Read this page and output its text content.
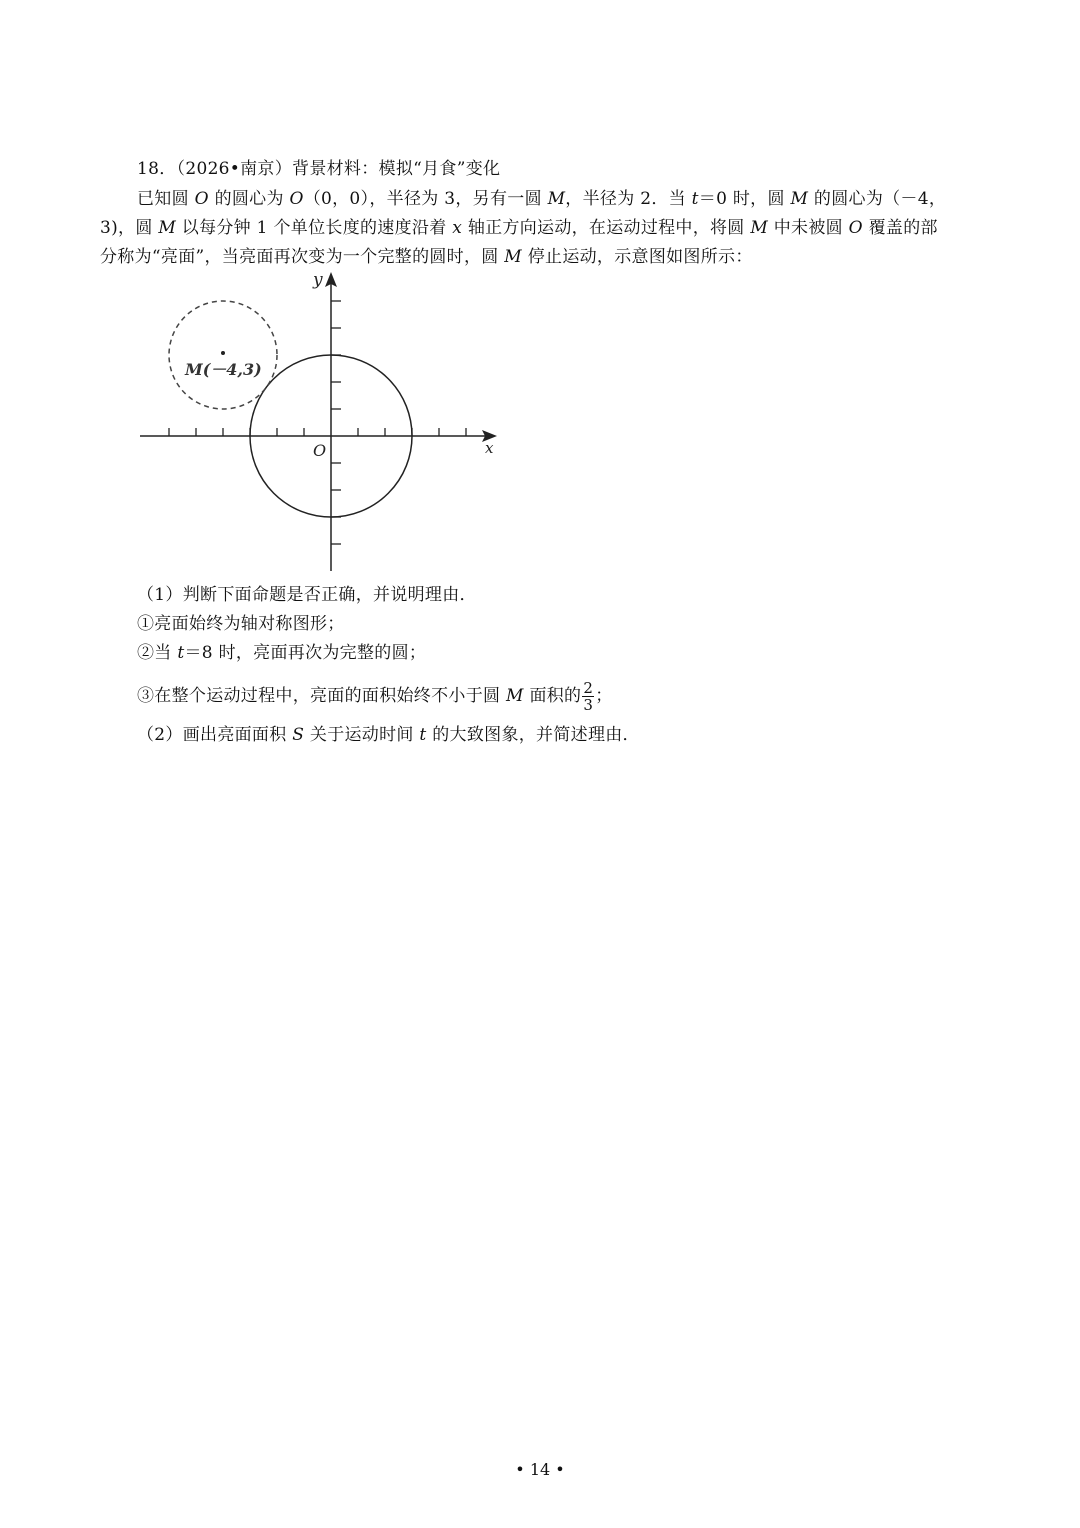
18．（2026•南京）背景材料：模拟“月食”变化
已知圆 O 的圆心为 O（0，0），半径为 3，另有一圆 M，半径为 2．当 t＝0 时，圆 M 的圆心为（－4，
3)，圆 M 以每分钟 1 个单位长度的速度沿着 x 轴正方向运动，在运动过程中，将圆 M 中未被圆 O 覆盖的部
分称为“亮面”，当亮面再次变为一个完整的圆时，圆 M 停止运动，示意图如图所示：
y
x
O
M(－4,3)
（1）判断下面命题是否正确，并说明理由．
①亮面始终为轴对称图形；
②当 t＝8 时，亮面再次为完整的圆；
③在整个运动过程中，亮面的面积始终不小于圆 M 面积的 $\frac{2}{3}$ ；
（2）画出亮面面积 S 关于运动时间 t 的大致图象，并简述理由．
• 14 •
